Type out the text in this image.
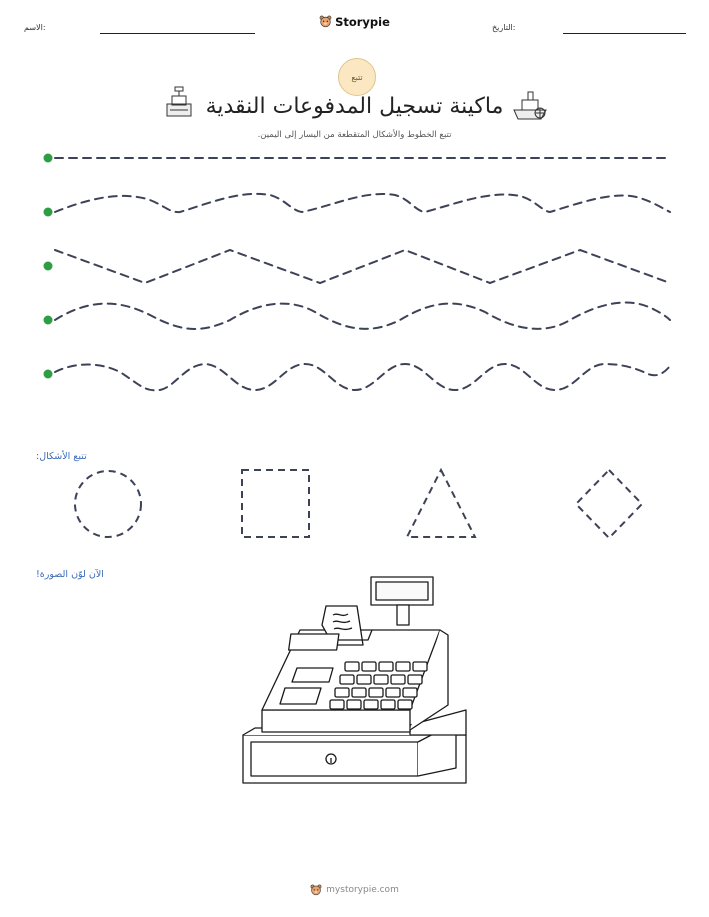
الاسم:	التاريخ:
Storypie
تتبع
ماكينة تسجيل المدفوعات النقدية
تتبع الخطوط والأشكال المتقطعة من اليسار إلى اليمين.
تتبع الأشكال:
الآن لوّن الصورة!
mystorypie.com
